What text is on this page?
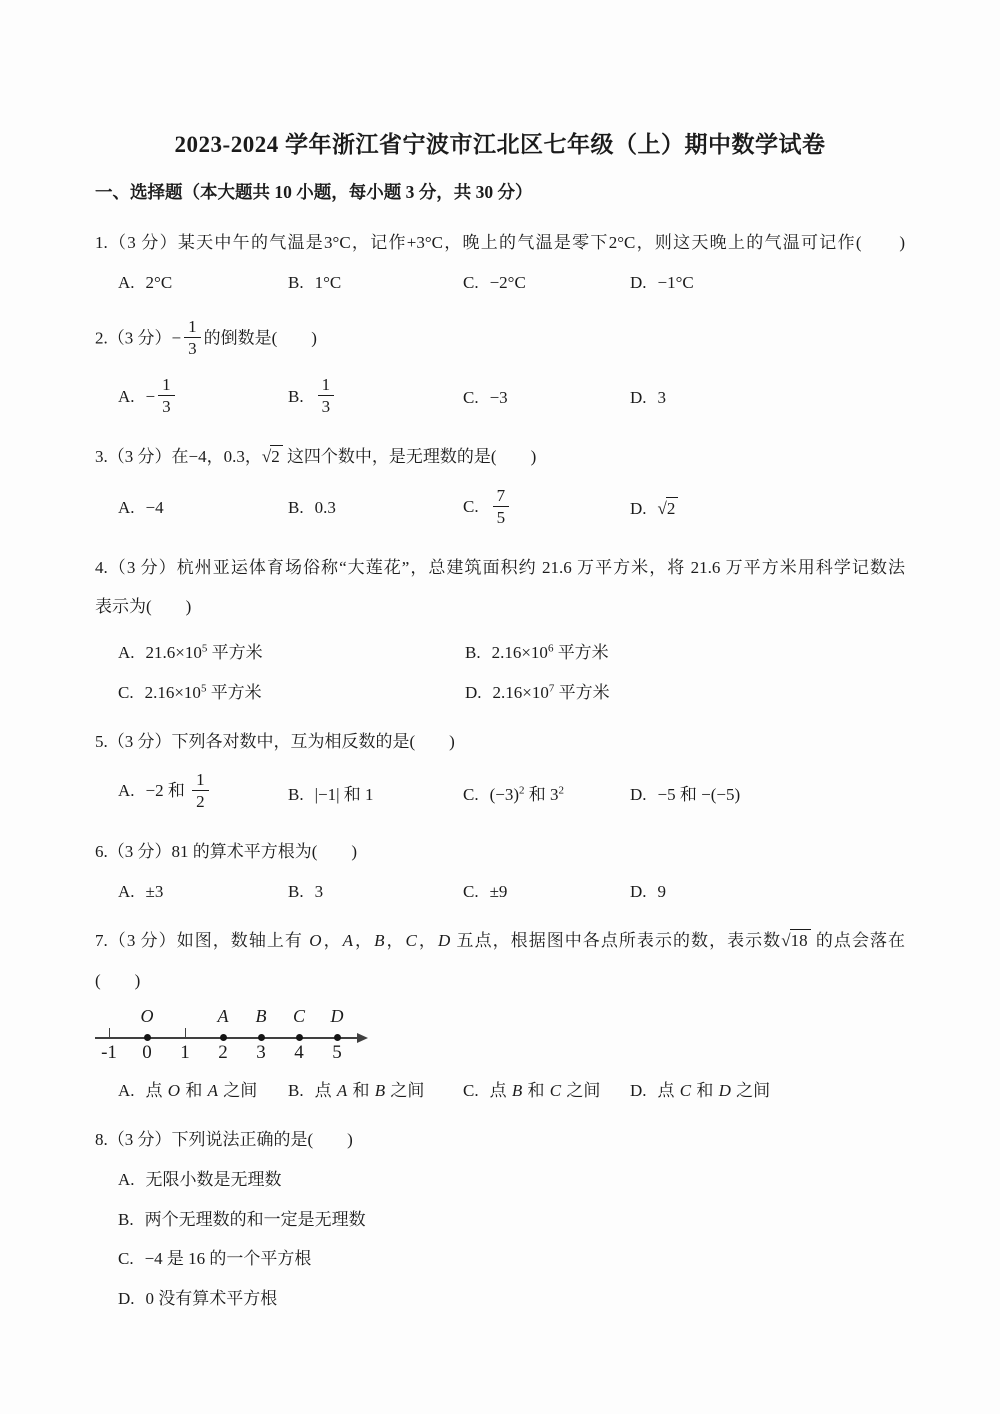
2023-2024 学年浙江省宁波市江北区七年级（上）期中数学试卷
一、选择题（本大题共 10 小题，每小题 3 分，共 30 分）
1.（3 分）某天中午的气温是3°C，记作+3°C，晚上的气温是零下2°C，则这天晚上的气温可记作(　　)
A. 2°C	B. 1°C	C. −2°C	D. −1°C
2.（3 分）− $\frac{1}{3}$ 的倒数是(　　)
A. − $\frac{1}{3}$	B. $\frac{1}{3}$	C. −3	D. 3
3.（3 分）在−4，0.3，√2 这四个数中，是无理数的是(　　)
A. −4	B. 0.3	C. $\frac{7}{5}$	D. √2
4.（3 分）杭州亚运体育场俗称“大莲花”，总建筑面积约 21.6 万平方米，将 21.6 万平方米用科学记数法
表示为(　　)
A. $21.6\times 10^5$ 平方米	B. $2.16\times 10^6$ 平方米
C. $2.16\times 10^5$ 平方米	D. $2.16\times 10^7$ 平方米
5.（3 分）下列各对数中，互为相反数的是(　　)
A. −2 和 $\frac{1}{2}$	B. |−1| 和 1	C. $(-3)^2$ 和 $3^2$	D. −5 和 −(−5)
6.（3 分）81 的算术平方根为(　　)
A. ±3	B. 3	C. ±9	D. 9
7.（3 分）如图，数轴上有 O，A，B，C，D 五点，根据图中各点所表示的数，表示数√18 的点会落在
(　　)
-1
O
0	1
A
2
B
3
C
4
D
5
A. 点 O 和 A 之间	B. 点 A 和 B 之间	C. 点 B 和 C 之间	D. 点 C 和 D 之间
8.（3 分）下列说法正确的是(　　)
A. 无限小数是无理数
B. 两个无理数的和一定是无理数
C. −4 是 16 的一个平方根
D. 0 没有算术平方根
